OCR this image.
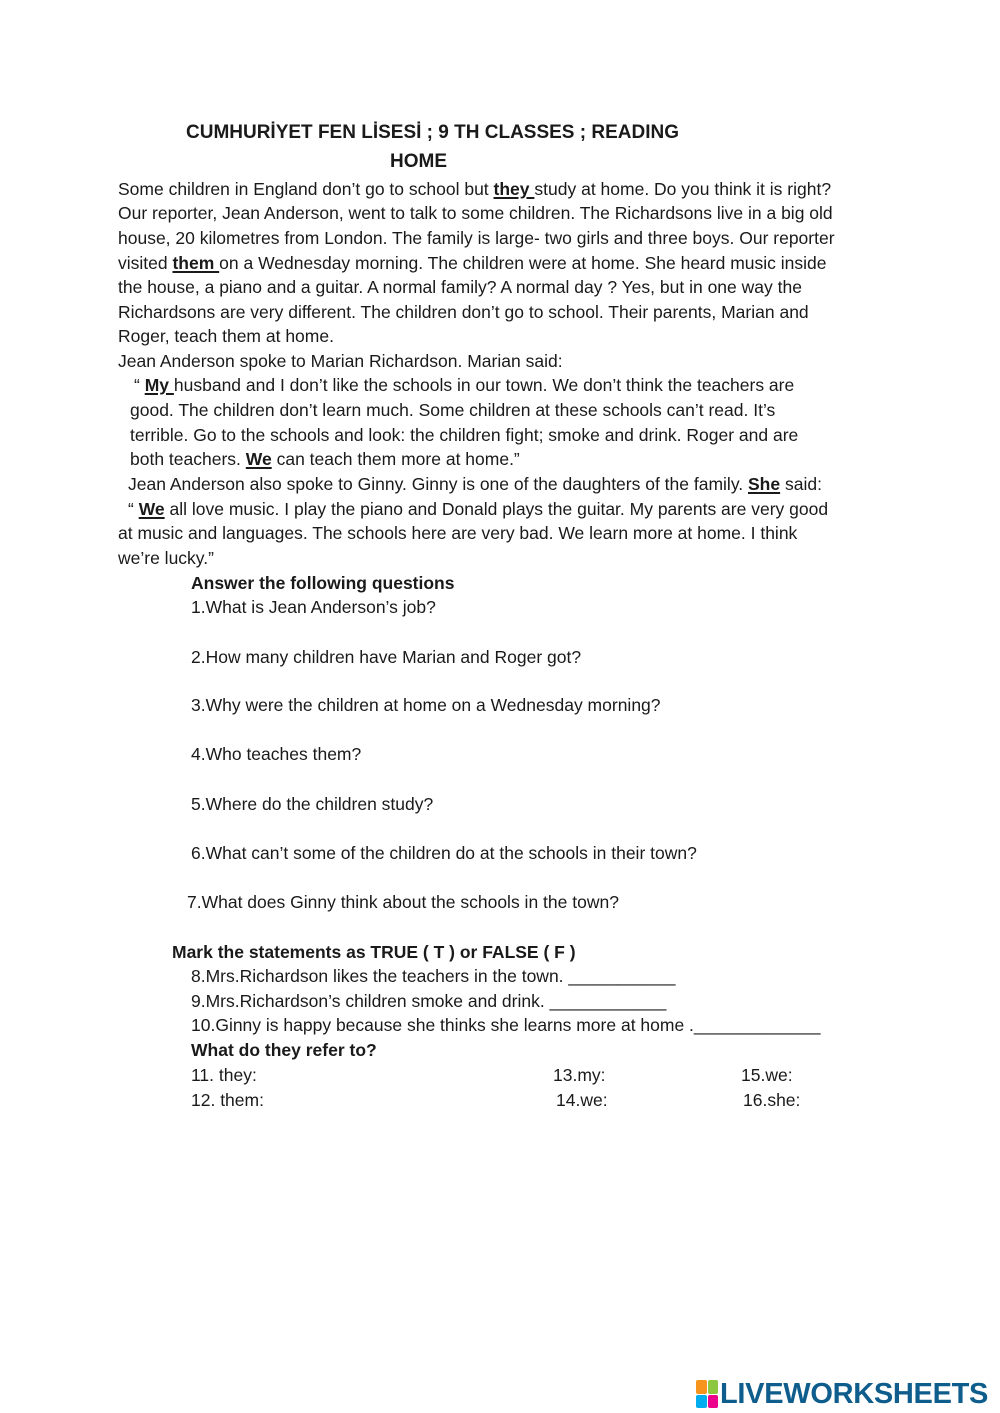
CUMHURİYET FEN LİSESİ ; 9 TH CLASSES ; READING
HOME
Some children in England don’t go to school but they study at home. Do you think it is right?
Our reporter, Jean Anderson, went to talk to some children. The Richardsons live in a big old
house, 20 kilometres from London. The family is large- two girls and three boys. Our reporter
visited them on a Wednesday morning. The children were at home. She heard music inside
the house, a piano and a guitar. A normal family? A normal day ? Yes, but in one way the
Richardsons are very different. The children don’t go to school. Their parents, Marian and
Roger, teach them at home.
Jean Anderson spoke to Marian Richardson. Marian said:
“ My husband and I don’t like the schools in our town. We don’t think the teachers are
good. The children don’t learn much. Some children at these schools can’t read. It’s
terrible. Go to the schools and look: the children fight; smoke and drink. Roger and are
both teachers. We can teach them more at home.”
Jean Anderson also spoke to Ginny. Ginny is one of the daughters of the family. She said:
“ We all love music. I play the piano and Donald plays the guitar. My parents are very good
at music and languages. The schools here are very bad. We learn more at home. I think
we’re lucky.”
Answer the following questions
1.What is Jean Anderson’s job?
2.How many children have Marian and Roger got?
3.Why were the children at home on a Wednesday morning?
4.Who teaches them?
5.Where do the children study?
6.What can’t some of the children do at the schools in their town?
7.What does Ginny think about the schools in the town?
Mark the statements as TRUE ( T ) or FALSE ( F )
8.Mrs.Richardson likes the teachers in the town. ___________
9.Mrs.Richardson’s children smoke and drink. ____________
10.Ginny is happy because she thinks she learns more at home ._____________
What do they refer to?
11. they:
12. them:
13.my:
14.we:
15.we:
16.she:
LIVEWORKSHEETS
